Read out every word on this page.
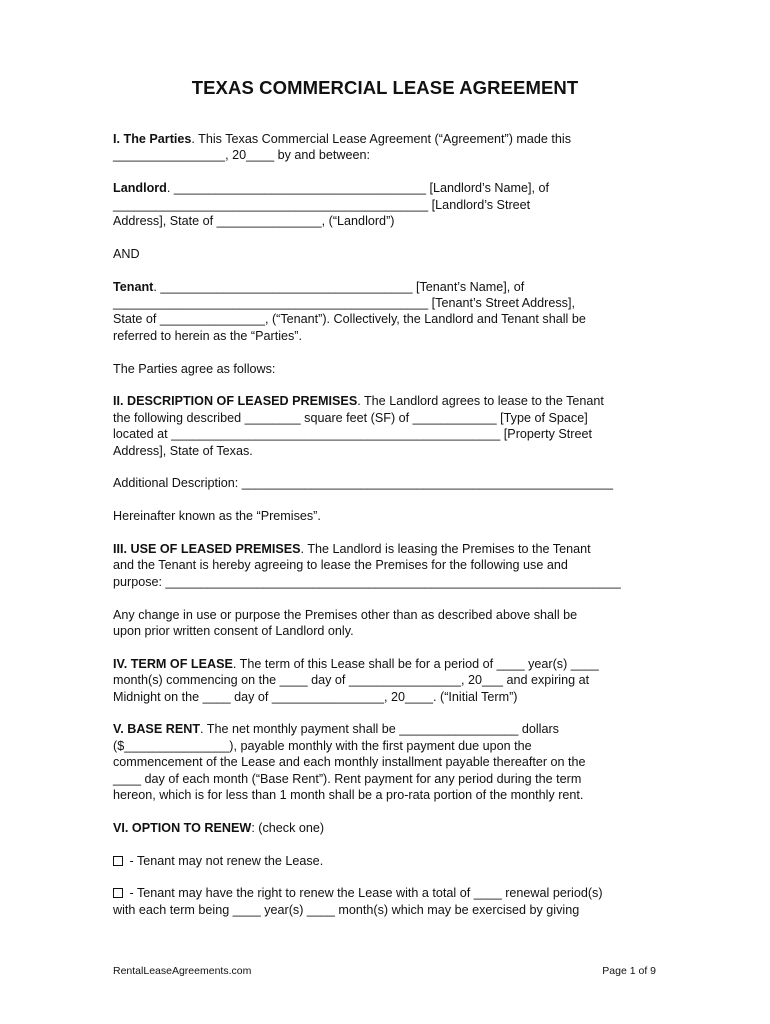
TEXAS COMMERCIAL LEASE AGREEMENT
I. The Parties. This Texas Commercial Lease Agreement (“Agreement”) made this
________________, 20____ by and between:
Landlord. ____________________________________ [Landlord’s Name], of
_____________________________________________ [Landlord’s Street
Address], State of _______________, (“Landlord”)
AND
Tenant. ____________________________________ [Tenant’s Name], of
_____________________________________________ [Tenant’s Street Address],
State of _______________, (“Tenant”). Collectively, the Landlord and Tenant shall be
referred to herein as the “Parties”.
The Parties agree as follows:
II. DESCRIPTION OF LEASED PREMISES. The Landlord agrees to lease to the Tenant
the following described ________ square feet (SF) of ____________ [Type of Space]
located at _______________________________________________ [Property Street
Address], State of Texas.
Additional Description: _____________________________________________________
Hereinafter known as the “Premises”.
III. USE OF LEASED PREMISES. The Landlord is leasing the Premises to the Tenant
and the Tenant is hereby agreeing to lease the Premises for the following use and
purpose: _________________________________________________________________
Any change in use or purpose the Premises other than as described above shall be
upon prior written consent of Landlord only.
IV. TERM OF LEASE. The term of this Lease shall be for a period of ____ year(s) ____
month(s) commencing on the ____ day of ________________, 20___ and expiring at
Midnight on the ____ day of ________________, 20____. (“Initial Term”)
V. BASE RENT. The net monthly payment shall be _________________ dollars
($_______________), payable monthly with the first payment due upon the
commencement of the Lease and each monthly installment payable thereafter on the
____ day of each month (“Base Rent”). Rent payment for any period during the term
hereon, which is for less than 1 month shall be a pro-rata portion of the monthly rent.
VI. OPTION TO RENEW: (check one)
- Tenant may not renew the Lease.
- Tenant may have the right to renew the Lease with a total of ____ renewal period(s)
with each term being ____ year(s) ____ month(s) which may be exercised by giving
RentalLeaseAgreements.com	Page 1 of 9
